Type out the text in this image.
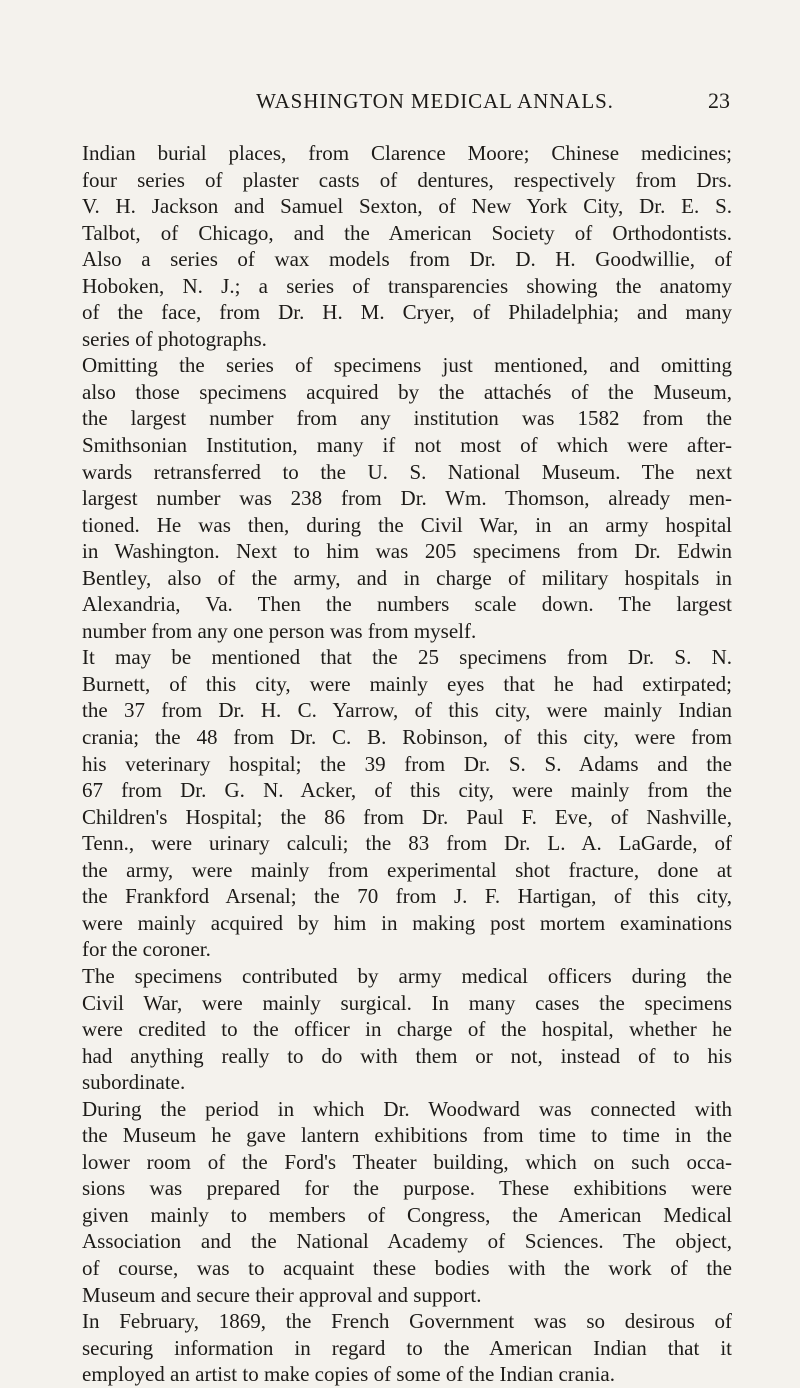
WASHINGTON MEDICAL ANNALS.	23
Indian burial places, from Clarence Moore; Chinese medicines;
four series of plaster casts of dentures, respectively from Drs.
V. H. Jackson and Samuel Sexton, of New York City, Dr. E. S.
Talbot, of Chicago, and the American Society of Orthodontists.
Also a series of wax models from Dr. D. H. Goodwillie, of
Hoboken, N. J.; a series of transparencies showing the anatomy
of the face, from Dr. H. M. Cryer, of Philadelphia; and many
series of photographs.
Omitting the series of specimens just mentioned, and omitting
also those specimens acquired by the attachés of the Museum,
the largest number from any institution was 1582 from the
Smithsonian Institution, many if not most of which were after-
wards retransferred to the U. S. National Museum. The next
largest number was 238 from Dr. Wm. Thomson, already men-
tioned. He was then, during the Civil War, in an army hospital
in Washington. Next to him was 205 specimens from Dr. Edwin
Bentley, also of the army, and in charge of military hospitals in
Alexandria, Va. Then the numbers scale down. The largest
number from any one person was from myself.
It may be mentioned that the 25 specimens from Dr. S. N.
Burnett, of this city, were mainly eyes that he had extirpated;
the 37 from Dr. H. C. Yarrow, of this city, were mainly Indian
crania; the 48 from Dr. C. B. Robinson, of this city, were from
his veterinary hospital; the 39 from Dr. S. S. Adams and the
67 from Dr. G. N. Acker, of this city, were mainly from the
Children's Hospital; the 86 from Dr. Paul F. Eve, of Nashville,
Tenn., were urinary calculi; the 83 from Dr. L. A. LaGarde, of
the army, were mainly from experimental shot fracture, done at
the Frankford Arsenal; the 70 from J. F. Hartigan, of this city,
were mainly acquired by him in making post mortem examinations
for the coroner.
The specimens contributed by army medical officers during the
Civil War, were mainly surgical. In many cases the specimens
were credited to the officer in charge of the hospital, whether he
had anything really to do with them or not, instead of to his
subordinate.
During the period in which Dr. Woodward was connected with
the Museum he gave lantern exhibitions from time to time in the
lower room of the Ford's Theater building, which on such occa-
sions was prepared for the purpose. These exhibitions were
given mainly to members of Congress, the American Medical
Association and the National Academy of Sciences. The object,
of course, was to acquaint these bodies with the work of the
Museum and secure their approval and support.
In February, 1869, the French Government was so desirous of
securing information in regard to the American Indian that it
employed an artist to make copies of some of the Indian crania.
